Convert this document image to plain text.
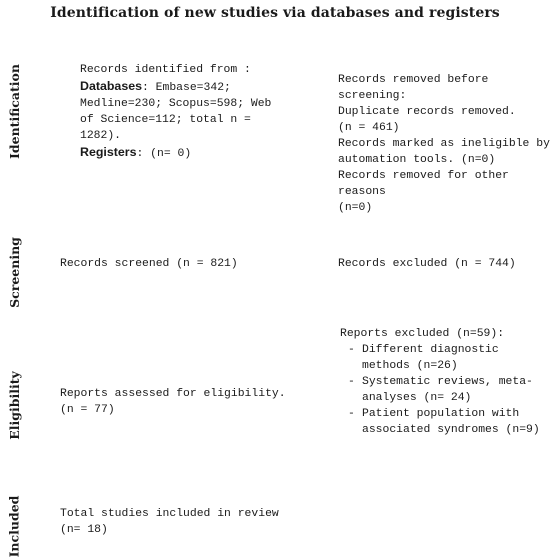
Identification of new studies via databases and registers
Identification
Screening
Eligibility
Included

Records identified from :

Databases: Embase=342; Medline=230; Scopus=598; Web of Science=112; total n = 1282).

Registers: (n= 0)

Records removed before screening:

Duplicate records removed.

(n = 461)

Records marked as ineligible by automation tools. (n=0)

Records removed for other reasons

(n=0)

Records screened (n = 821)	Records excluded (n = 744)

Reports assessed for eligibility.

(n = 77)

Reports excluded (n=59):

- Different diagnostic methods (n=26)
- Systematic reviews, meta-analyses (n= 24)
- Patient population with associated syndromes (n=9)

Total studies included in review

(n= 18)
